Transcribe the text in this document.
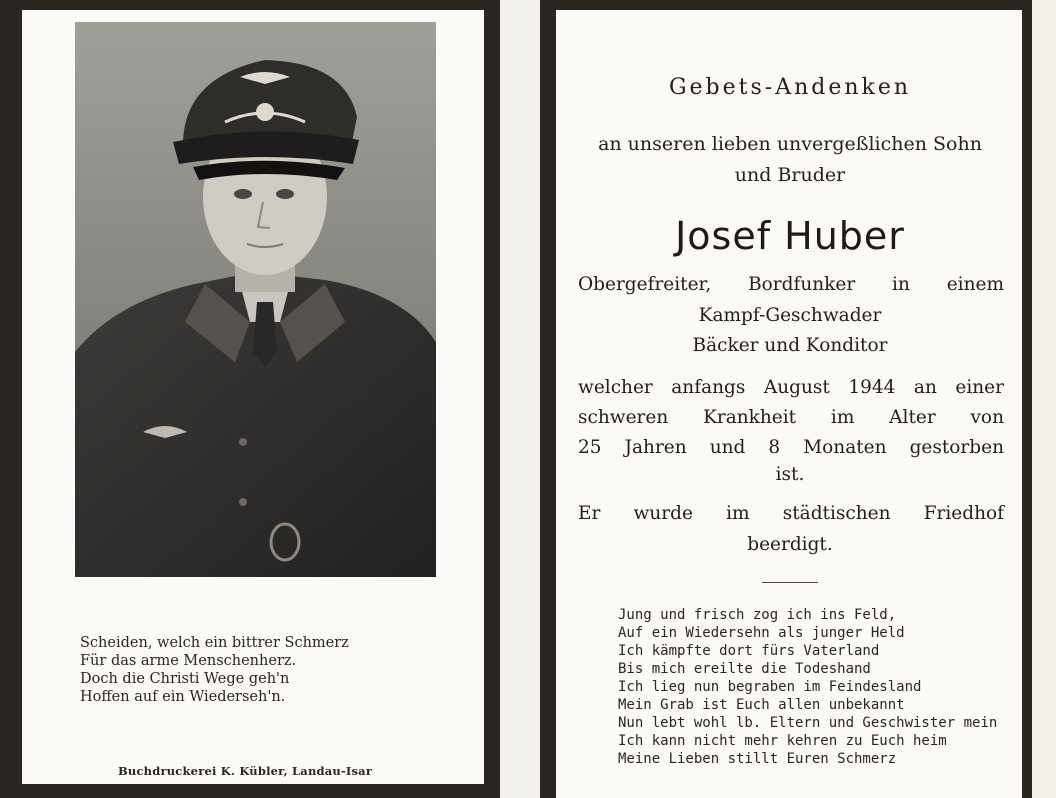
Scheiden, welch ein bittrer Schmerz
Für das arme Menschenherz.
Doch die Christi Wege geh'n
Hoffen auf ein Wiederseh'n.
Buchdruckerei K. Kübler, Landau-Isar
Gebets-Andenken
an unseren lieben unvergeßlichen Sohn
und Bruder
Josef Huber
Obergefreiter, Bordfunker in einem
Kampf-Geschwader
Bäcker und Konditor
welcher anfangs August 1944 an einer
schweren Krankheit im Alter von
25 Jahren und 8 Monaten gestorben
ist.
Er wurde im städtischen Friedhof
beerdigt.
Jung und frisch zog ich ins Feld,
Auf ein Wiedersehn als junger Held
Ich kämpfte dort fürs Vaterland
Bis mich ereilte die Todeshand
Ich lieg nun begraben im Feindesland
Mein Grab ist Euch allen unbekannt
Nun lebt wohl lb. Eltern und Geschwister mein
Ich kann nicht mehr kehren zu Euch heim
Meine Lieben stillt Euren Schmerz
